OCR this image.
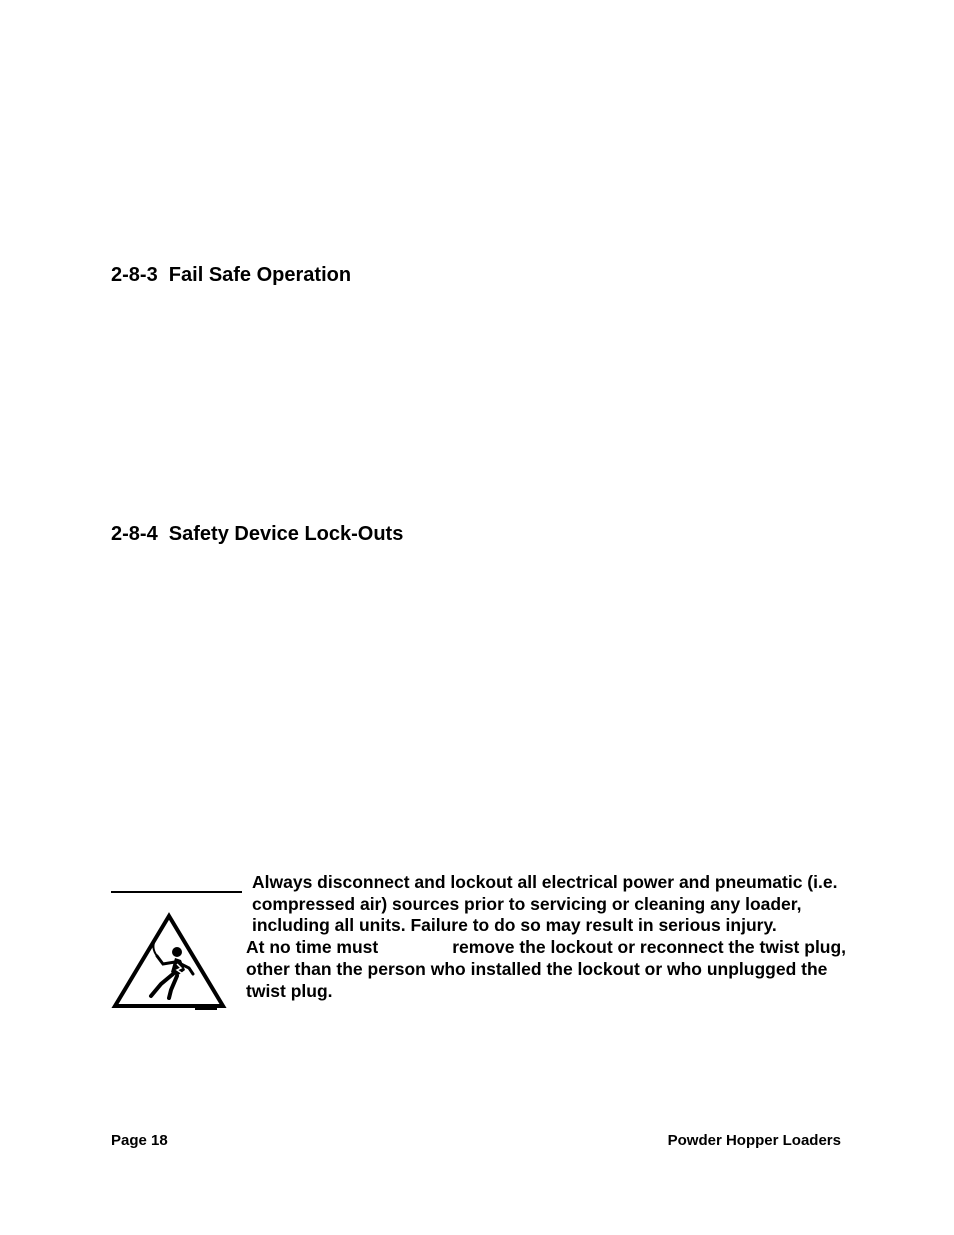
2-8-3  Fail Safe Operation
2-8-4  Safety Device Lock-Outs

Always disconnect and lockout all electrical power and pneumatic (i.e. compressed air) sources prior to servicing or cleaning any loader, including all units. Failure to do so may result in serious injury.

At no time must	remove the lockout or reconnect the twist plug, other than the person who installed the lockout or who unplugged the twist plug.

Page 18	Powder Hopper Loaders
